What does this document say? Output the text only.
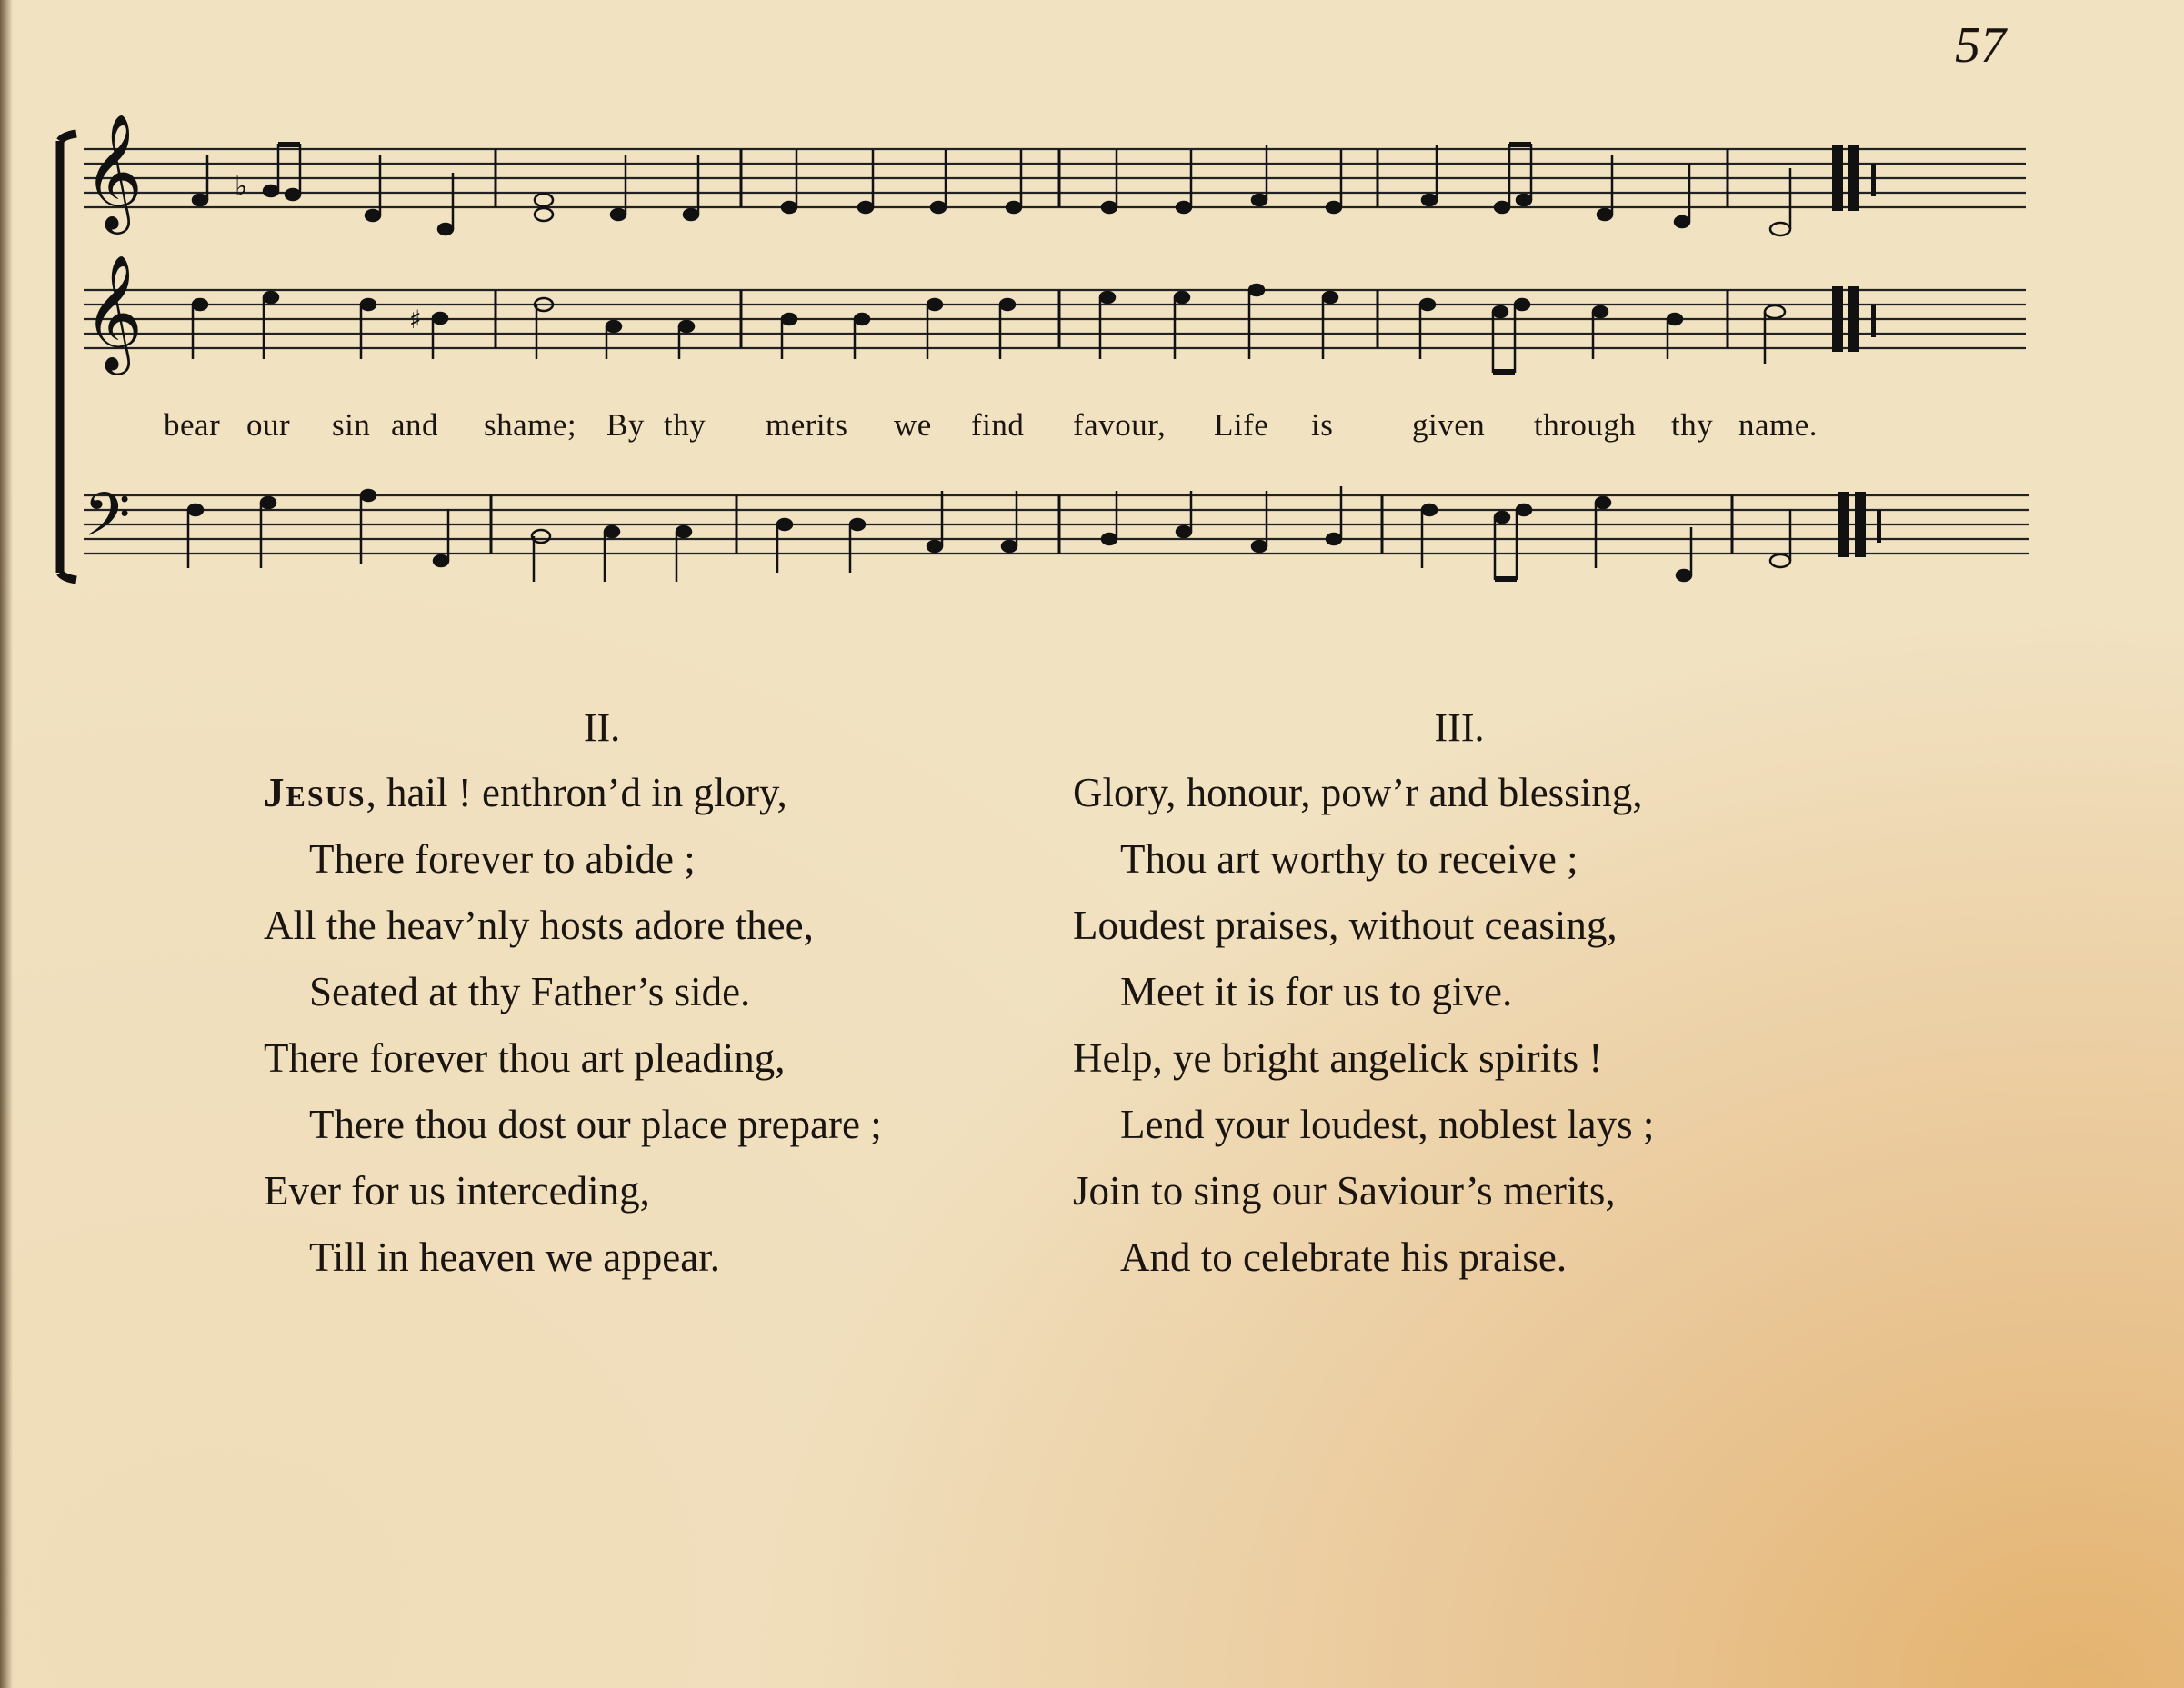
57
𝄞
𝄞
𝄢
♭
♯

bear

our

sin

and

shame;

By

thy

merits

we

find

favour,

Life

is

given

through

thy

name.

II.
Jesus, hail ! enthron’d in glory,
There forever to abide ;
All the heav’nly hosts adore thee,
Seated at thy Father’s side.
There forever thou art pleading,
There thou dost our place prepare ;
Ever for us interceding,
Till in heaven we appear.
III.
Glory, honour, pow’r and blessing,
Thou art worthy to receive ;
Loudest praises, without ceasing,
Meet it is for us to give.
Help, ye bright angelick spirits !
Lend your loudest, noblest lays ;
Join to sing our Saviour’s merits,
And to celebrate his praise.
